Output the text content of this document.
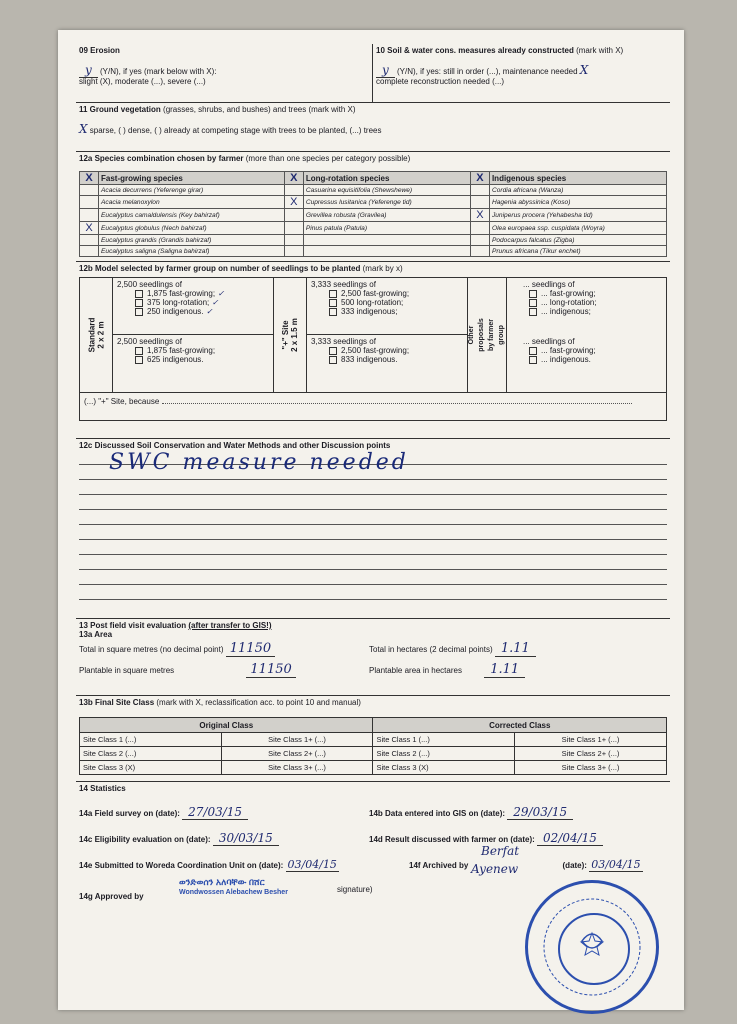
09 Erosion
y (Y/N), if yes (mark below with X):
slight (X), moderate (...), severe (...)
10 Soil & water cons. measures already constructed (mark with X)
y (Y/N), if yes: still in order (...), maintenance needed X
complete reconstruction needed (...)
11 Ground vegetation (grasses, shrubs, and bushes) and trees (mark with X)
X sparse, ( ) dense, ( ) already at competing stage with trees to be planted, (...) trees
12a Species combination chosen by farmer (more than one species per category possible)
X	Fast-growing species	X	Long-rotation species	X	Indigenous species
	Acacia decurrens (Yeferenge girar)		Casuarina equisitifolia (Shewshewe)		Cordia africana (Wanza)
	Acacia melanoxylon	X	Cupressus lusitanica (Yeferenge tid)		Hagenia abyssinica (Koso)
	Eucalyptus camaldulensis (Key bahirzaf)		Grevillea robusta (Gravilea)	X	Juniperus procera (Yehabesha tid)
X	Eucalyptus globulus (Nech bahirzaf)		Pinus patula (Patula)		Olea europaea ssp. cuspidata (Woyra)
	Eucalyptus grandis (Grandis bahirzaf)				Podocarpus falcatus (Zigba)
	Eucalyptus saligna (Saligna bahirzaf)				Prunus africana (Tikur enchet)
12b Model selected by farmer group on number of seedlings to be planted (mark by x)
Standard 2 x 2 m
2,500 seedlings of
1,875 fast-growing; ✓
375 long-rotation; ✓
250 indigenous. ✓
2,500 seedlings of
1,875 fast-growing;
625 indigenous.
"+" Site 2 x 1.5 m
3,333 seedlings of
2,500 fast-growing;
500 long-rotation;
333 indigenous;
3,333 seedlings of
2,500 fast-growing;
833 indigenous.
Other proposals by farmer group
... seedlings of
... fast-growing;
... long-rotation;
... indigenous;
... seedlings of
... fast-growing;
... indigenous.
(...) "+" Site, because
12c Discussed Soil Conservation and Water Methods and other Discussion points
SWC measure needed
13 Post field visit evaluation (after transfer to GIS!)
13a Area
Total in square metres (no decimal point) 11150	Total in hectares (2 decimal points) 1.11
Plantable in square metres	11150	Plantable area in hectares 1.11
13b Final Site Class (mark with X, reclassification acc. to point 10 and manual)
Original Class		Corrected Class	
Site Class 1 (...)	Site Class 1+ (...)	Site Class 1 (...)	Site Class 1+ (...)
Site Class 2 (...)	Site Class 2+ (...)	Site Class 2 (...)	Site Class 2+ (...)
Site Class 3 (X)	Site Class 3+ (...)	Site Class 3 (X)	Site Class 3+ (...)
14 Statistics
14a Field survey on (date): 27/03/15	14b Data entered into GIS on (date): 29/03/15
14c Eligibility evaluation on (date): 30/03/15	14d Result discussed with farmer on (date): 02/04/15
14e Submitted to Woreda Coordination Unit on (date): 03/04/15	14f Archived by
Berfat
Ayenew	(date): 03/04/15
14g Approved by
ወንድወሰን አለባቸው በሸር
Wondwossen Alebachew Besher	signature)
